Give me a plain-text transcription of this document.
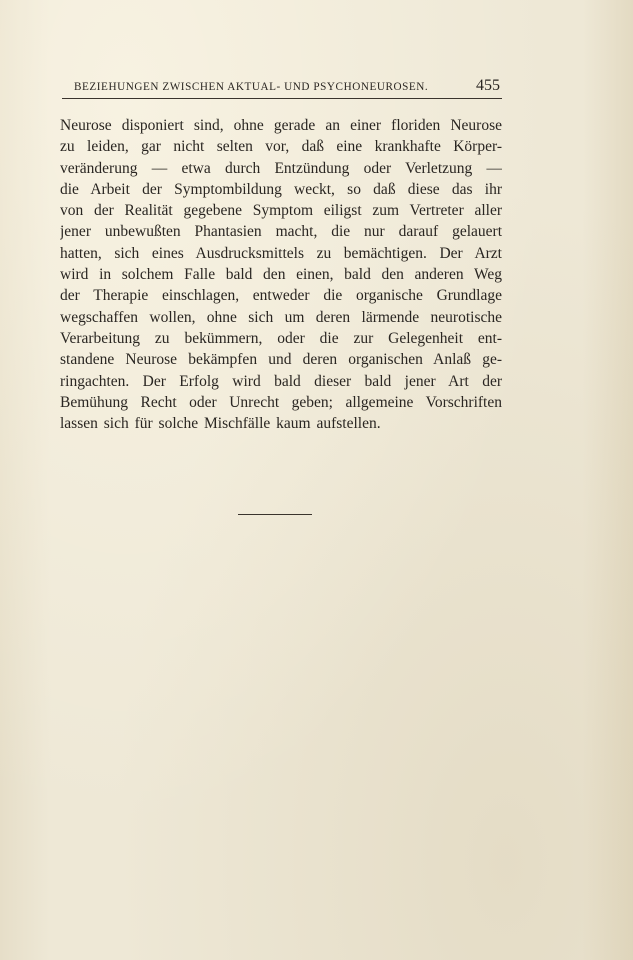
BEZIEHUNGEN ZWISCHEN AKTUAL- UND PSYCHONEUROSEN.	455
Neurose disponiert sind, ohne gerade an einer floriden Neurose
zu leiden, gar nicht selten vor, daß eine krankhafte Körper-
veränderung — etwa durch Entzündung oder Verletzung —
die Arbeit der Symptombildung weckt, so daß diese das ihr
von der Realität gegebene Symptom eiligst zum Vertreter aller
jener unbewußten Phantasien macht, die nur darauf gelauert
hatten, sich eines Ausdrucksmittels zu bemächtigen. Der Arzt
wird in solchem Falle bald den einen, bald den anderen Weg
der Therapie einschlagen, entweder die organische Grundlage
wegschaffen wollen, ohne sich um deren lärmende neurotische
Verarbeitung zu bekümmern, oder die zur Gelegenheit ent-
standene Neurose bekämpfen und deren organischen Anlaß ge-
ringachten. Der Erfolg wird bald dieser bald jener Art der
Bemühung Recht oder Unrecht geben; allgemeine Vorschriften
lassen sich für solche Mischfälle kaum aufstellen.
